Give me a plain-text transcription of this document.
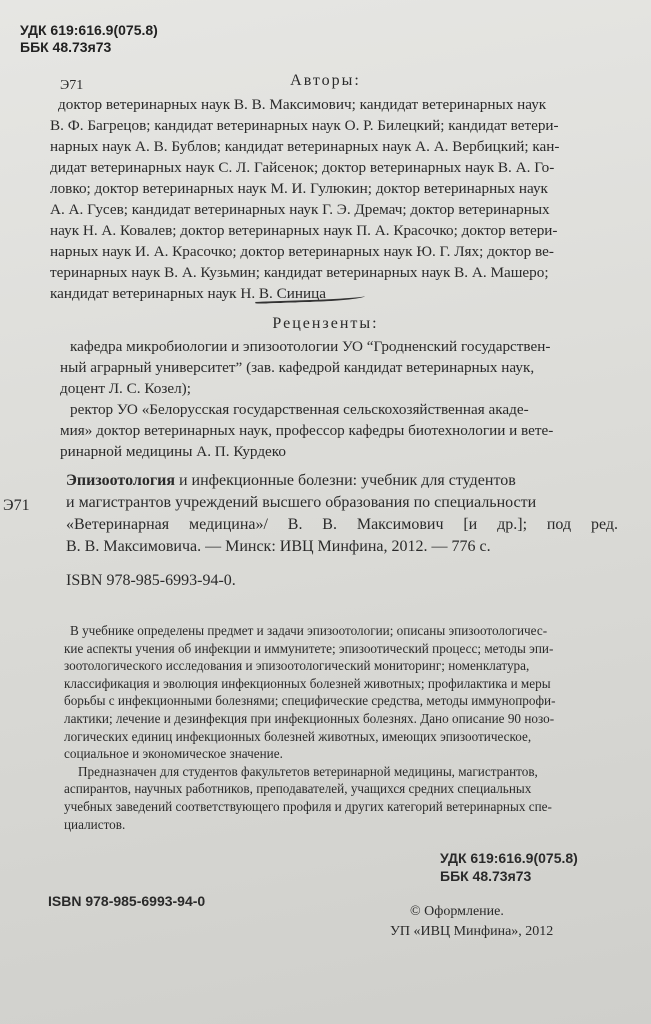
УДК 619:616.9(075.8)
ББК 48.73я73
Э71	Авторы:
доктор ветеринарных наук В. В. Максимович; кандидат ветеринарных наук
В. Ф. Багрецов; кандидат ветеринарных наук О. Р. Билецкий; кандидат ветери-
нарных наук А. В. Бублов; кандидат ветеринарных наук А. А. Вербицкий; кан-
дидат ветеринарных наук С. Л. Гайсенок; доктор ветеринарных наук В. А. Го-
ловко; доктор ветеринарных наук М. И. Гулюкин; доктор ветеринарных наук
А. А. Гусев; кандидат ветеринарных наук Г. Э. Дремач; доктор ветеринарных
наук Н. А. Ковалев; доктор ветеринарных наук П. А. Красочко; доктор ветери-
нарных наук И. А. Красочко; доктор ветеринарных наук Ю. Г. Лях; доктор ве-
теринарных наук В. А. Кузьмин; кандидат ветеринарных наук В. А. Машеро;
кандидат ветеринарных наук Н. В. Синица
Рецензенты:
кафедра микробиологии и эпизоотологии УО “Гродненский государствен-
ный аграрный университет” (зав. кафедрой кандидат ветеринарных наук,
доцент Л. С. Козел);
ректор УО «Белорусская государственная сельскохозяйственная акаде-
мия» доктор ветеринарных наук, профессор кафедры биотехнологии и вете-
ринарной медицины А. П. Курдеко
Э71
Эпизоотология и инфекционные болезни: учебник для студентов
и магистрантов учреждений высшего образования по специальности
«Ветеринарная медицина»/ В. В. Максимович [и др.]; под ред.
В. В. Максимовича. — Минск: ИВЦ Минфина, 2012. — 776 с.
ISBN 978-985-6993-94-0.
В учебнике определены предмет и задачи эпизоотологии; описаны эпизоотологичес-
кие аспекты учения об инфекции и иммунитете; эпизоотический процесс; методы эпи-
зоотологического исследования и эпизоотологический мониторинг; номенклатура,
классификация и эволюция инфекционных болезней животных; профилактика и меры
борьбы с инфекционными болезнями; специфические средства, методы иммунопрофи-
лактики; лечение и дезинфекция при инфекционных болезнях. Дано описание 90 нозо-
логических единиц инфекционных болезней животных, имеющих эпизоотическое,
социальное и экономическое значение.
Предназначен для студентов факультетов ветеринарной медицины, магистрантов,
аспирантов, научных работников, преподавателей, учащихся средних специальных
учебных заведений соответствующего профиля и других категорий ветеринарных спе-
циалистов.
УДК 619:616.9(075.8)
ББК 48.73я73
ISBN 978-985-6993-94-0
© Оформление.
УП «ИВЦ Минфина», 2012
